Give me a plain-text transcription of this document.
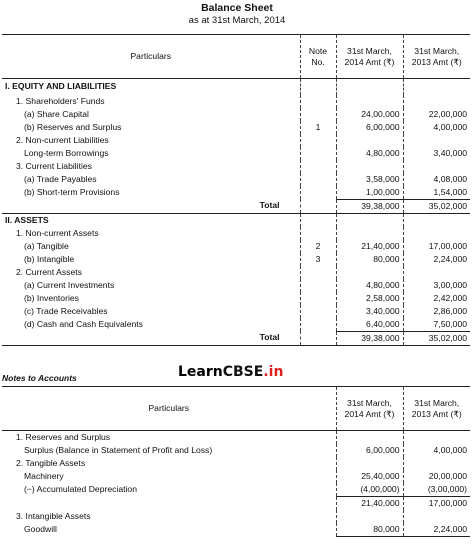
Balance Sheet
as at 31st March, 2014
Particulars	Note No.	31st March, 2014 Amt (₹)	31st March, 2013 Amt (₹)
I. EQUITY AND LIABILITIES			
1. Shareholders' Funds			
(a) Share Capital		24,00,000	22,00,000
(b) Reserves and Surplus	1	6,00,000	4,00,000
2. Non-current Liabilities			
Long-term Borrowings		4,80,000	3,40,000
3. Current Liabilities			
(a) Trade Payables		3,58,000	4,08,000
(b) Short-term Provisions		1,00,000	1,54,000
Total		39,38,000	35,02,000
II. ASSETS			
1. Non-current Assets			
(a) Tangible	2	21,40,000	17,00,000
(b) Intangible	3	80,000	2,24,000
2. Current Assets			
(a) Current Investments		4,80,000	3,00,000
(b) Inventories		2,58,000	2,42,000
(c) Trade Receivables		3,40,000	2,86,000
(d) Cash and Cash Equivalents		6,40,000	7,50,000
Total		39,38,000	35,02,000
Notes to Accounts	LearnCBSE.in
Particulars	31st March, 2014 Amt (₹)	31st March, 2013 Amt (₹)
1. Reserves and Surplus		
Surplus (Balance in Statement of Profit and Loss)	6,00,000	4,00,000
2. Tangible Assets		
Machinery	25,40,000	20,00,000
(−) Accumulated Depreciation	(4,00,000)	(3,00,000)
	21,40,000	17,00,000
3. Intangible Assets		
Goodwill	80,000	2,24,000
